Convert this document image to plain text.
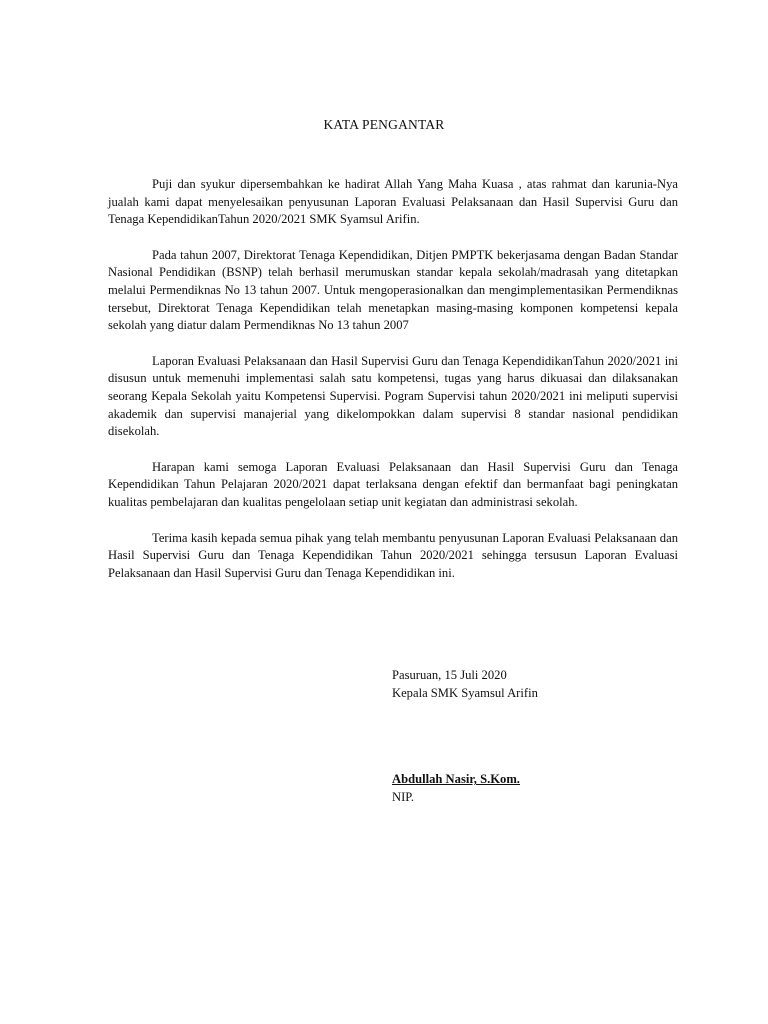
KATA PENGANTAR

Puji dan syukur dipersembahkan ke hadirat Allah Yang Maha Kuasa , atas rahmat dan karunia-Nya jualah kami dapat menyelesaikan penyusunan Laporan Evaluasi Pelaksanaan dan Hasil Supervisi Guru dan Tenaga KependidikanTahun 2020/2021 SMK Syamsul Arifin.

Pada tahun 2007, Direktorat Tenaga Kependidikan, Ditjen PMPTK bekerjasama dengan Badan Standar Nasional Pendidikan (BSNP) telah berhasil merumuskan standar kepala sekolah/madrasah yang ditetapkan melalui Permendiknas No 13 tahun 2007. Untuk mengoperasionalkan dan mengimplementasikan Permendiknas tersebut, Direktorat Tenaga Kependidikan telah menetapkan masing-masing komponen kompetensi kepala sekolah yang diatur dalam Permendiknas No 13 tahun 2007

Laporan Evaluasi Pelaksanaan dan Hasil Supervisi Guru dan Tenaga KependidikanTahun 2020/2021 ini disusun untuk memenuhi implementasi salah satu kompetensi, tugas yang harus dikuasai dan dilaksanakan seorang Kepala Sekolah yaitu Kompetensi Supervisi. Pogram Supervisi tahun 2020/2021 ini meliputi supervisi akademik dan supervisi manajerial yang dikelompokkan dalam supervisi 8 standar nasional pendidikan disekolah.

Harapan kami semoga Laporan Evaluasi Pelaksanaan dan Hasil Supervisi Guru dan Tenaga Kependidikan Tahun Pelajaran 2020/2021 dapat terlaksana dengan efektif dan bermanfaat bagi peningkatan kualitas pembelajaran dan kualitas pengelolaan setiap unit kegiatan dan administrasi sekolah.

Terima kasih kepada semua pihak yang telah membantu penyusunan Laporan Evaluasi Pelaksanaan dan Hasil Supervisi Guru dan Tenaga Kependidikan Tahun 2020/2021 sehingga tersusun Laporan Evaluasi Pelaksanaan dan Hasil Supervisi Guru dan Tenaga Kependidikan ini.

Pasuruan, 15 Juli 2020
Kepala SMK Syamsul Arifin
Abdullah Nasir, S.Kom.
NIP.
